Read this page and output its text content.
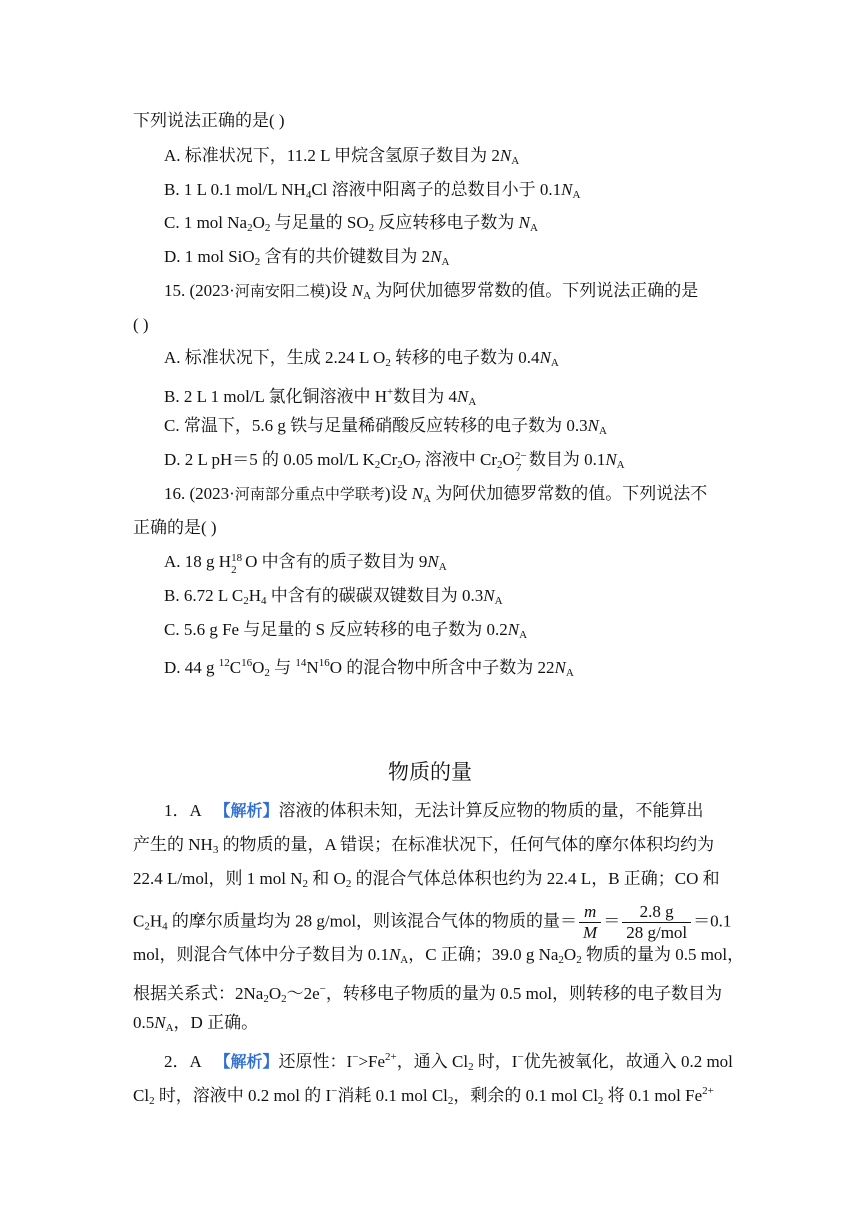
下列说法正确的是( )
A. 标准状况下，11.2 L 甲烷含氢原子数目为 $2N_A$
B. 1 L 0.1 mol/L $NH_4Cl$ 溶液中阳离子的总数目小于 $0.1N_A$
C. 1 mol $Na_2O_2$ 与足量的 $SO_2$ 反应转移电子数为 $N_A$
D. 1 mol SiO$_2$ 含有的共价键数目为 $2N_A$
15. (2023·河南安阳二模)设 $N_A$ 为阿伏加德罗常数的值。下列说法正确的是
( )
A. 标准状况下，生成 2.24 L $O_2$ 转移的电子数为 $0.4N_A$
B. 2 L 1 mol/L 氯化铜溶液中 H+数目为 $4N_A$
C. 常温下，5.6 g 铁与足量稀硝酸反应转移的电子数为 $0.3N_A$
D. 2 L pH＝5 的 0.05 mol/L $K_2Cr_2O_7$ 溶液中 $Cr_2O$ 2−
7 数目为 $0.1N_A$
16. (2023·河南部分重点中学联考)设 $N_A$ 为阿伏加德罗常数的值。下列说法不
正确的是( )
A. 18 g H 18
2 O 中含有的质子数目为 $9N_A$
B. 6.72 L $C_2H_4$ 中含有的碳碳双键数目为 $0.3N_A$
C. 5.6 g Fe 与足量的 S 反应转移的电子数为 $0.2N_A$
D. 44 g $^{12}C^{16}O_2$ 与 $^{14}N^{16}O$ 的混合物中所含中子数为 $22N_A$
物质的量
1．A 【解析】溶液的体积未知，无法计算反应物的物质的量，不能算出
产生的 $NH_3$ 的物质的量，A 错误；在标准状况下，任何气体的摩尔体积均约为
22.4 L/mol，则 1 mol $N_2$ 和 $O_2$ 的混合气体总体积也约为 22.4 L，B 正确；CO 和
$C_2H_4$ 的摩尔质量均为 28 g/mol，则该混合气体的物质的量＝ $\frac{m}{M} = \frac{2.8 g}{\text{28 g/mol}} =0.1$
mol，则混合气体中分子数目为 $0.1N_A$，C 正确；39.0 g $Na_2O_2$ 物质的量为 0.5 mol，
根据关系式：$2Na_2O_2\sim 2e^-$，转移电子物质的量为 0.5 mol，则转移的电子数目为
$0.5N_A$，D 正确。
2．A 【解析】还原性：$I^->Fe^{2+}$，通入 $Cl_2$ 时，I−优先被氧化，故通入 0.2 mol
$Cl_2$ 时，溶液中 0.2 mol 的 I−消耗 0.1 mol $Cl_2$，剩余的 0.1 mol $Cl_2$ 将 0.1 mol $Fe^{2+}$
